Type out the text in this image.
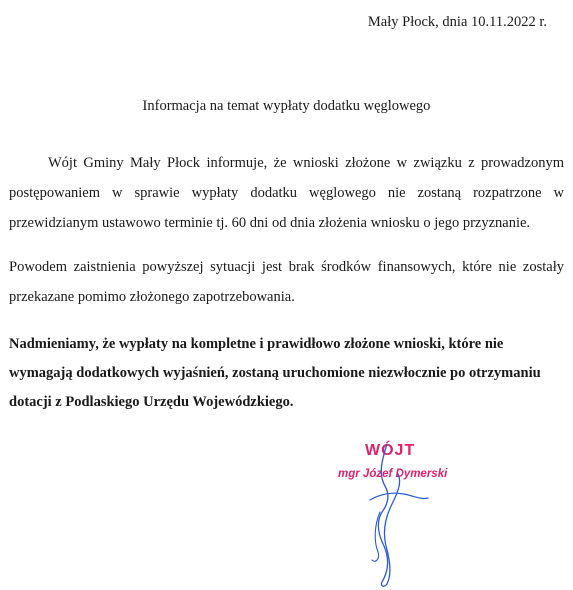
Mały Płock, dnia 10.11.2022 r.
Informacja na temat wypłaty dodatku węglowego
Wójt Gminy Mały Płock informuje, że wnioski złożone w związku z prowadzonym postępowaniem w sprawie wypłaty dodatku węglowego nie zostaną rozpatrzone w przewidzianym ustawowo terminie tj. 60 dni od dnia złożenia wniosku o jego przyznanie.
Powodem zaistnienia powyższej sytuacji jest brak środków finansowych, które nie zostały przekazane pomimo złożonego zapotrzebowania.
Nadmieniamy, że wypłaty na kompletne i prawidłowo złożone wnioski, które nie wymagają dodatkowych wyjaśnień, zostaną uruchomione niezwłocznie po otrzymaniu dotacji z Podlaskiego Urzędu Wojewódzkiego.
WÓJT
mgr Józef Dymerski
